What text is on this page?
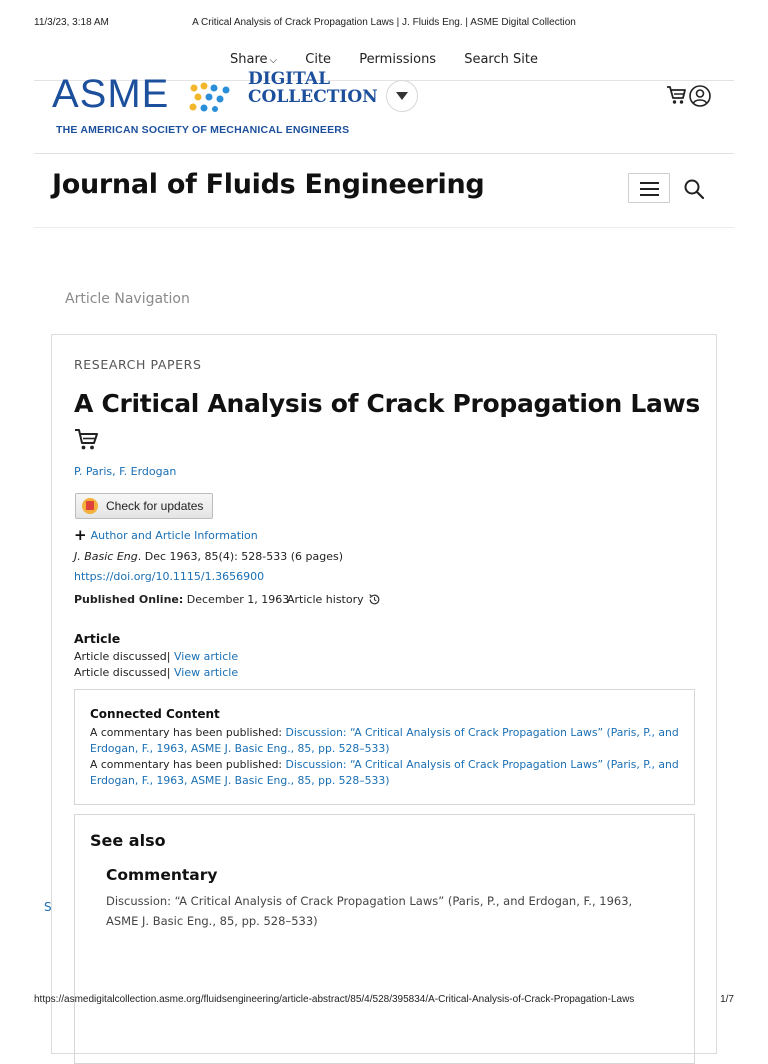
11/3/23, 3:18 AM	A Critical Analysis of Crack Propagation Laws | J. Fluids Eng. | ASME Digital Collection
Share ⌵ Cite Permissions Search Site
ASME	DIGITAL
COLLECTION
THE AMERICAN SOCIETY OF MECHANICAL ENGINEERS
Journal of Fluids Engineering
Article Navigation
RESEARCH PAPERS
A Critical Analysis of Crack Propagation Laws
P. Paris, F. Erdogan
Check for updates
+ Author and Article Information
J. Basic Eng. Dec 1963, 85(4): 528-533 (6 pages)
https://doi.org/10.1115/1.3656900
Published Online: December 1, 1963
Article history
Article
Article discussed| View article
Article discussed| View article
Connected Content
A commentary has been published: Discussion: “A Critical Analysis of Crack Propagation Laws” (Paris, P., and Erdogan, F., 1963, ASME J. Basic Eng., 85, pp. 528–533)
A commentary has been published: Discussion: “A Critical Analysis of Crack Propagation Laws” (Paris, P., and Erdogan, F., 1963, ASME J. Basic Eng., 85, pp. 528–533)
See also
Commentary
Discussion: “A Critical Analysis of Crack Propagation Laws” (Paris, P., and Erdogan, F., 1963, ASME J. Basic Eng., 85, pp. 528–533)
S
https://asmedigitalcollection.asme.org/fluidsengineering/article-abstract/85/4/528/395834/A-Critical-Analysis-of-Crack-Propagation-Laws	1/7
